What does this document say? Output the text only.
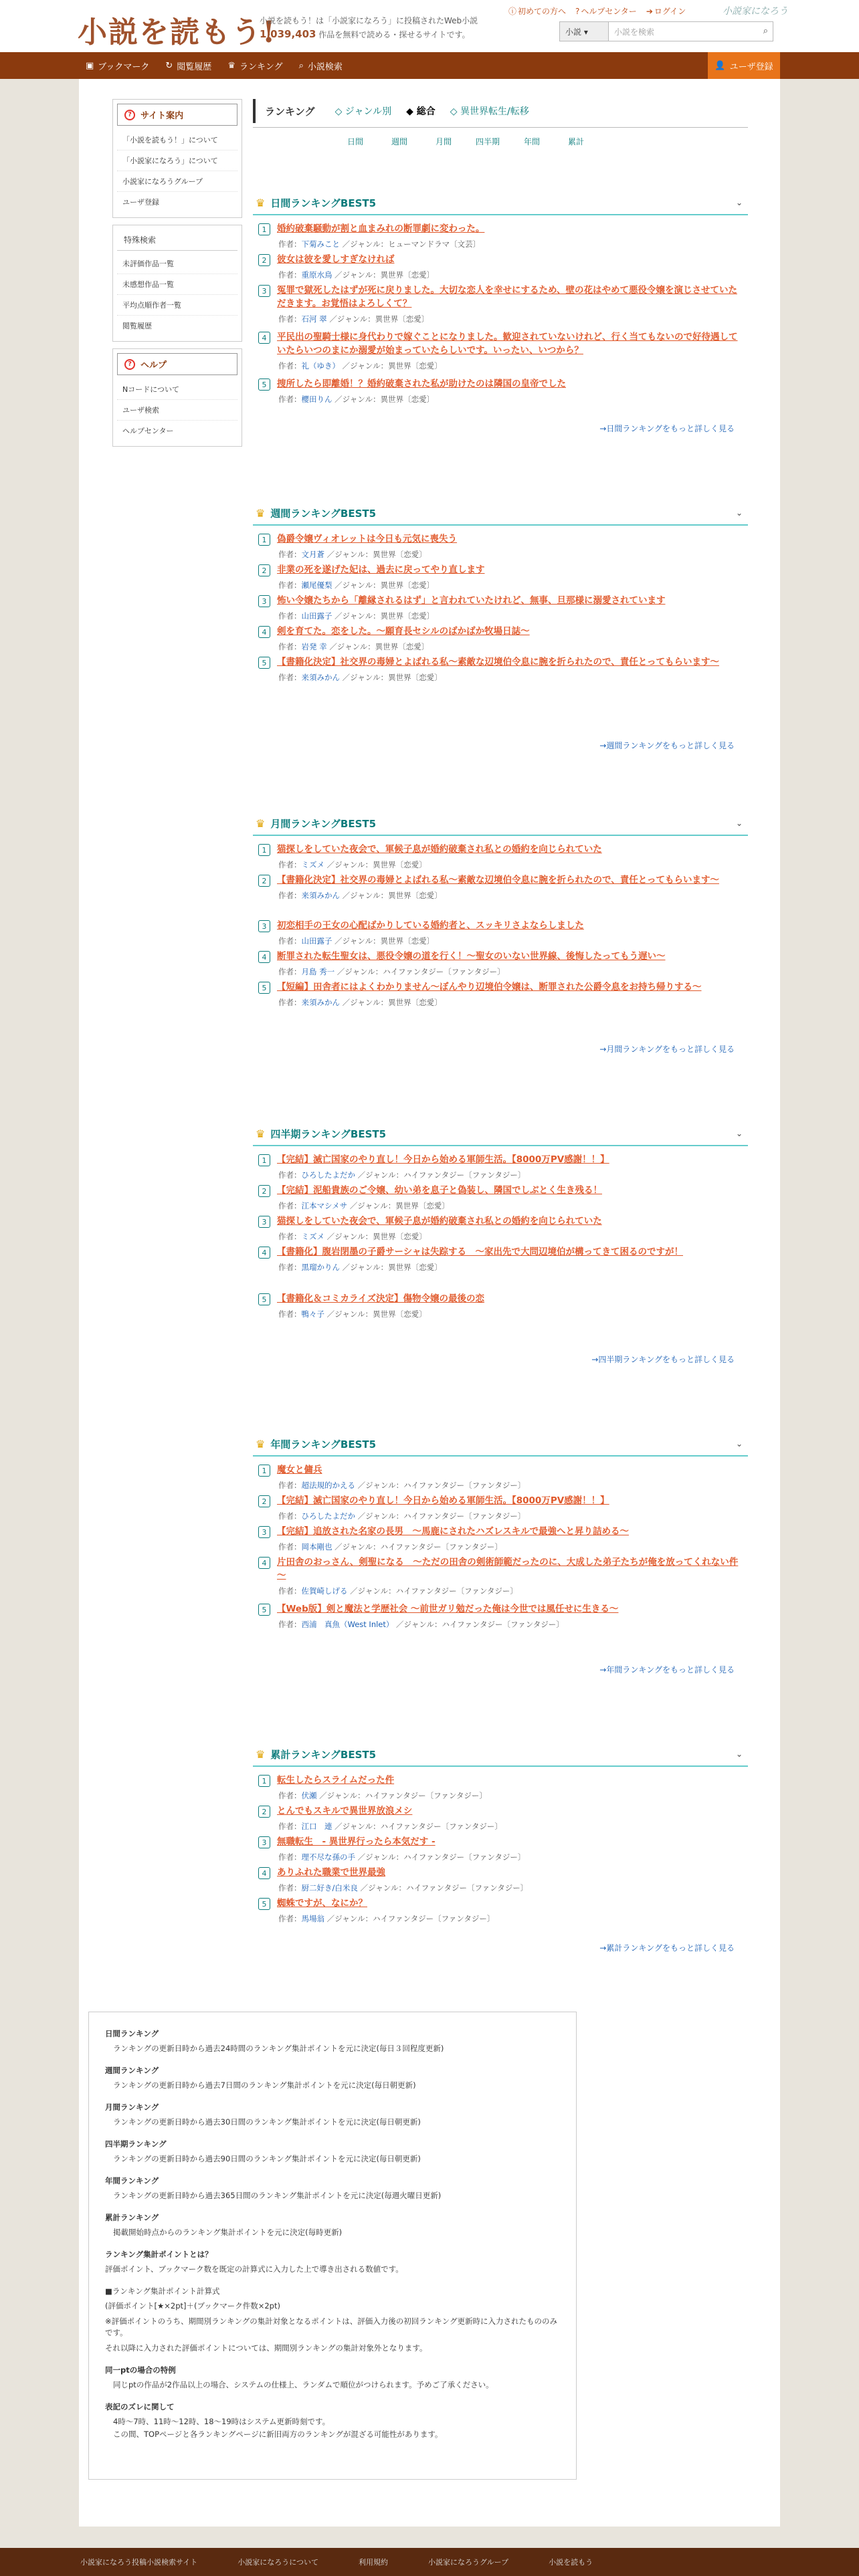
小説を読もう!
小説を読もう！は「小説家になろう」に投稿されたWeb小説
1,039,403 作品を無料で読める・探せるサイトです。
ⓘ 初めての方へ ? ヘルプセンター ➔ ログイン	小説家になろう
小説 ▾	小説を検索	⌕
▣ ブックマーク ↻ 閲覧履歴 ♛ ランキング ⌕ 小説検索	👤 ユーザ登録
?	サイト案内
「小説を読もう！」について
「小説家になろう」について
小説家になろうグループ
ユーザ登録
特殊検索
未評価作品一覧
未感想作品一覧
平均点順作者一覧
閲覧履歴
?	ヘルプ
Nコードについて
ユーザ検索
ヘルプセンター
ランキング ◇ ジャンル別 ◆ 総合 ◇ 異世界転生/転移
日間	週間	月間	四半期	年間	累計
♛ 日間ランキングBEST5	⌄
1	婚約破棄騒動が割と血まみれの断罪劇に変わった。
作者：下菊みこと ／ジャンル：ヒューマンドラマ〔文芸〕
2	彼女は彼を愛しすぎなければ
作者：重原水鳥 ／ジャンル：異世界〔恋愛〕
3	冤罪で獄死したはずが死に戻りました。大切な恋人を幸せにするため、壁の花はやめて悪役令嬢を演じさせていただきます。お覚悟はよろしくて？
作者：石河 翠 ／ジャンル：異世界〔恋愛〕
4	平民出の聖騎士様に身代わりで嫁ぐことになりました。歓迎されていないけれど、行く当てもないので好待遇していたらいつのまにか溺愛が始まっていたらしいです。いったい、いつから？
作者：礼（ゆき） ／ジャンル：異世界〔恋愛〕
5	捜所したら即離婚！？婚約破棄された私が助けたのは隣国の皇帝でした
作者：櫻田りん ／ジャンル：異世界〔恋愛〕
→日間ランキングをもっと詳しく見る
♛ 週間ランキングBEST5	⌄
1	偽爵令嬢ヴィオレットは今日も元気に喪失う
作者：文月蒼 ／ジャンル：異世界〔恋愛〕
2	非業の死を遂げた妃は、過去に戻ってやり直します
作者：瀬尾優梨 ／ジャンル：異世界〔恋愛〕
3	怖い令嬢たちから「離縁されるはず」と言われていたけれど、無事、旦那様に溺愛されています
作者：山田露子 ／ジャンル：異世界〔恋愛〕
4	剣を育てた。恋をした。～願育長セシルのばかばか牧場日誌～
作者：岩発 幸 ／ジャンル：異世界〔恋愛〕
5	【書籍化決定】社交界の毒婦とよばれる私～素敵な辺境伯令息に腕を折られたので、責任とってもらいます～
作者：来須みかん ／ジャンル：異世界〔恋愛〕
→週間ランキングをもっと詳しく見る
♛ 月間ランキングBEST5	⌄
1	猫探しをしていた夜会で、軍候子息が婚約破棄され私との婚約を向じられていた
作者：ミズメ ／ジャンル：異世界〔恋愛〕
2	【書籍化決定】社交界の毒婦とよばれる私～素敵な辺境伯令息に腕を折られたので、責任とってもらいます～
作者：来須みかん ／ジャンル：異世界〔恋愛〕
3	初恋相手の王女の心配ばかりしている婚約者と、スッキリさよならしました
作者：山田露子 ／ジャンル：異世界〔恋愛〕
4	断罪された転生聖女は、悪役令嬢の道を行く！～聖女のいない世界線、後悔したってもう遅い～
作者：月島 秀一 ／ジャンル：ハイファンタジー〔ファンタジー〕
5	【短編】田舎者にはよくわかりません～ぼんやり辺境伯令嬢は、断罪された公爵令息をお持ち帰りする～
作者：来須みかん ／ジャンル：異世界〔恋愛〕
→月間ランキングをもっと詳しく見る
♛ 四半期ランキングBEST5	⌄
1	【完結】滅亡国家のやり直し！今日から始める軍師生活。【8000万PV感謝！！】
作者：ひろしたよだか ／ジャンル：ハイファンタジー〔ファンタジー〕
2	【完結】泥船貴族のご令嬢、幼い弟を息子と偽装し、隣国でしぶとく生き残る！
作者：江本マシメサ ／ジャンル：異世界〔恋愛〕
3	猫探しをしていた夜会で、軍候子息が婚約破棄され私との婚約を向じられていた
作者：ミズメ ／ジャンル：異世界〔恋愛〕
4	【書籍化】腹岩閉墨の子爵サーシャは失踪する　～家出先で大問辺境伯が構ってきて困るのですが！
作者：黒瑠かりん ／ジャンル：異世界〔恋愛〕
5	【書籍化＆コミカライズ決定】傷物令嬢の最後の恋
作者：鴨々子 ／ジャンル：異世界〔恋愛〕
→四半期ランキングをもっと詳しく見る
♛ 年間ランキングBEST5	⌄
1	魔女と傭兵
作者：超法規的かえる ／ジャンル：ハイファンタジー〔ファンタジー〕
2	【完結】滅亡国家のやり直し！今日から始める軍師生活。【8000万PV感謝！！】
作者：ひろしたよだか ／ジャンル：ハイファンタジー〔ファンタジー〕
3	【完結】追放された名家の長男　～馬鹿にされたハズレスキルで最強へと昇り詰める～
作者：岡本剛也 ／ジャンル：ハイファンタジー〔ファンタジー〕
4	片田舎のおっさん、剣聖になる　～ただの田舎の剣術師範だったのに、大成した弟子たちが俺を放ってくれない件～
作者：佐賀崎しげる ／ジャンル：ハイファンタジー〔ファンタジー〕
5	【Web版】剣と魔法と学歴社会 ～前世ガリ勉だった俺は今世では風任せに生きる～
作者：西浦　真魚（West Inlet） ／ジャンル：ハイファンタジー〔ファンタジー〕
→年間ランキングをもっと詳しく見る
♛ 累計ランキングBEST5	⌄
1	転生したらスライムだった件
作者：伏瀬 ／ジャンル：ハイファンタジー〔ファンタジー〕
2	とんでもスキルで異世界放浪メシ
作者：江口　連 ／ジャンル：ハイファンタジー〔ファンタジー〕
3	無職転生　- 異世界行ったら本気だす -
作者：理不尽な孫の手 ／ジャンル：ハイファンタジー〔ファンタジー〕
4	ありふれた職業で世界最強
作者：厨二好き/白米良 ／ジャンル：ハイファンタジー〔ファンタジー〕
5	蜘蛛ですが、なにか？
作者：馬場翁 ／ジャンル：ハイファンタジー〔ファンタジー〕
→累計ランキングをもっと詳しく見る
日間ランキング
ランキングの更新日時から過去24時間のランキング集計ポイントを元に決定(毎日３回程度更新)
週間ランキング
ランキングの更新日時から過去7日間のランキング集計ポイントを元に決定(毎日朝更新)
月間ランキング
ランキングの更新日時から過去30日間のランキング集計ポイントを元に決定(毎日朝更新)
四半期ランキング
ランキングの更新日時から過去90日間のランキング集計ポイントを元に決定(毎日朝更新)
年間ランキング
ランキングの更新日時から過去365日間のランキング集計ポイントを元に決定(毎週火曜日更新)
累計ランキング
掲載開始時点からのランキング集計ポイントを元に決定(毎時更新)
ランキング集計ポイントとは？
評価ポイント、ブックマーク数を既定の計算式に入力した上で導き出される数値です。
■ランキング集計ポイント計算式
(評価ポイント[★×2pt]＋(ブックマーク件数×2pt)
※評価ポイントのうち、期間別ランキングの集計対象となるポイントは、評価入力後の初回ランキング更新時に入力されたもののみです。
それ以降に入力された評価ポイントについては、期間別ランキングの集計対象外となります。
同一ptの場合の特例
同じptの作品が2作品以上の場合、システムの仕様上、ランダムで順位がつけられます。予めご了承ください。
表記のズレに関して
4時～7時、11時～12時、18～19時はシステム更新時刻です。
この間、TOPページと各ランキングページに新旧両方のランキングが混ざる可能性があります。
小説家になろう投稿小説検索サイト	小説家になろうについて	利用規約	小説家になろうグループ	小説を読もう
